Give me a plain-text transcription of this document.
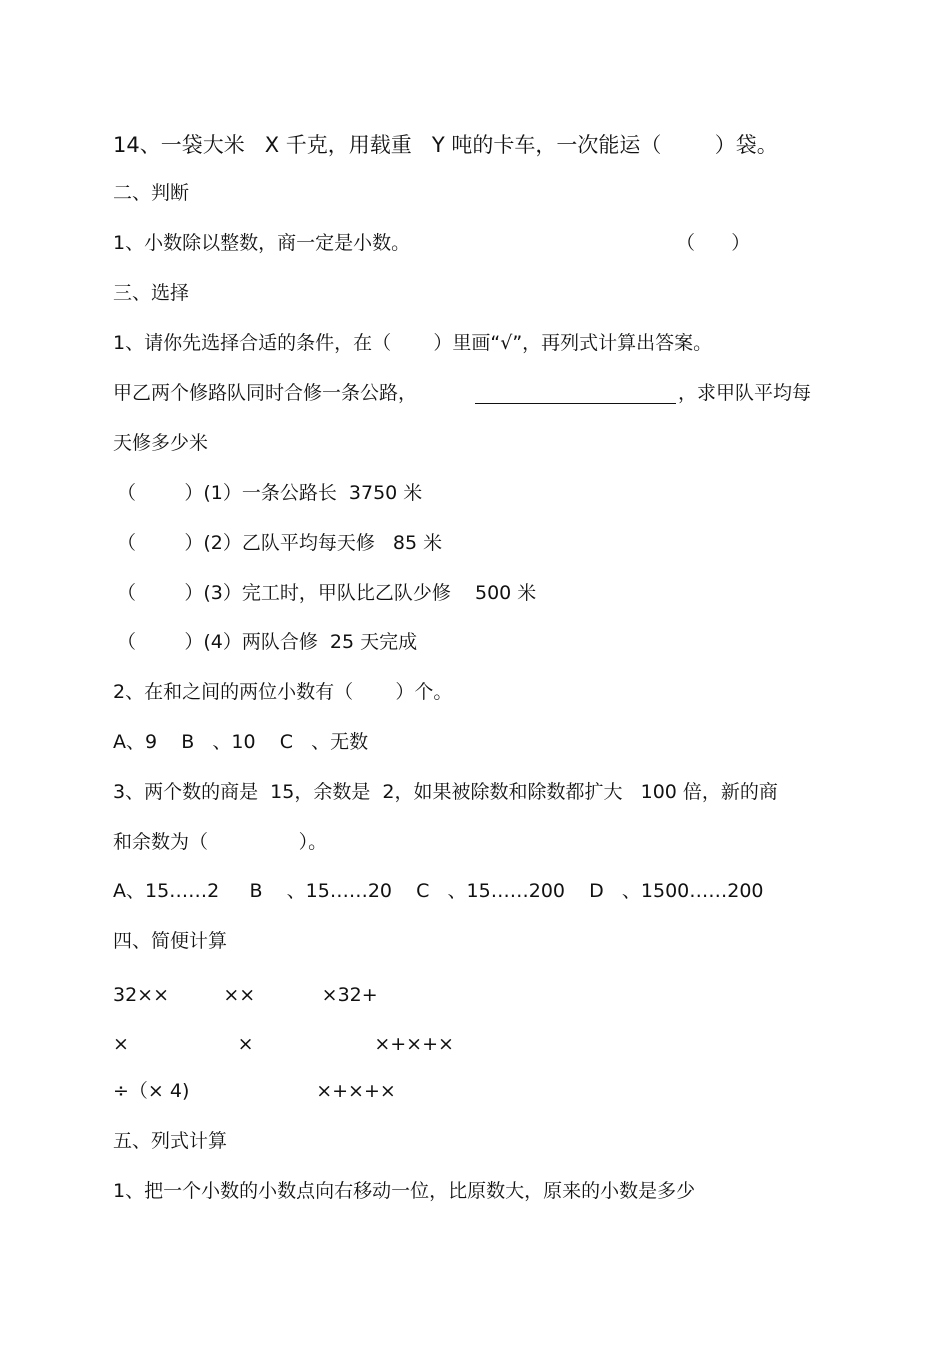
14、一袋大米   X 千克，用载重   Y 吨的卡车，一次能运（        ）袋。
二、判断
1、小数除以整数，商一定是小数。	（      ）
三、选择
1、请你先选择合适的条件，在（       ）里画“√”，再列式计算出答案。
甲乙两个修路队同时合修一条公路，	，求甲队平均每
天修多少米
（        ）(1）一条公路长  3750 米
（        ）(2）乙队平均每天修   85 米
（        ）(3）完工时，甲队比乙队少修    500 米
（        ）(4）两队合修  25 天完成
2、在和之间的两位小数有（       ）个。
A、9    B   、10    C   、无数
3、两个数的商是  15，余数是  2，如果被除数和除数都扩大   100 倍，新的商
和余数为（               ）。
A、15……2     B    、15……20    C   、15……200    D   、1500……200
四、简便计算
32××         ××           ×32+
×                  ×                    ×+×+×
÷（× 4)                     ×+×+×
五、列式计算
1、把一个小数的小数点向右移动一位，比原数大，原来的小数是多少
